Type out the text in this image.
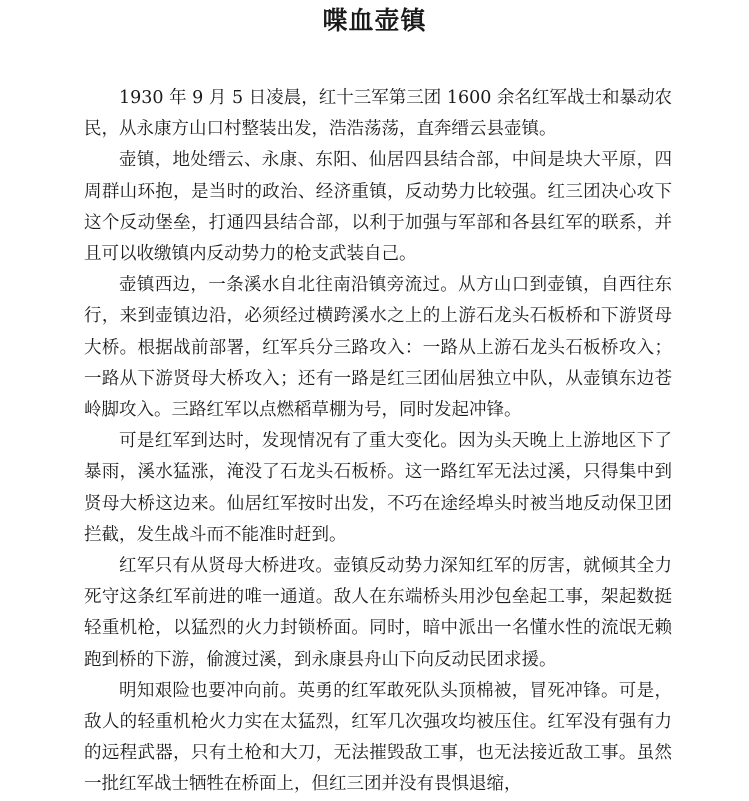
喋血壶镇

1930 年 9 月 5 日凌晨，红十三军第三团 1600 余名红军战士和暴动农民，从永康方山口村整装出发，浩浩荡荡，直奔缙云县壶镇。

壶镇，地处缙云、永康、东阳、仙居四县结合部，中间是块大平原，四周群山环抱，是当时的政治、经济重镇，反动势力比较强。红三团决心攻下这个反动堡垒，打通四县结合部，以利于加强与军部和各县红军的联系，并且可以收缴镇内反动势力的枪支武装自己。

壶镇西边，一条溪水自北往南沿镇旁流过。从方山口到壶镇，自西往东行，来到壶镇边沿，必须经过横跨溪水之上的上游石龙头石板桥和下游贤母大桥。根据战前部署，红军兵分三路攻入：一路从上游石龙头石板桥攻入；一路从下游贤母大桥攻入；还有一路是红三团仙居独立中队，从壶镇东边苍岭脚攻入。三路红军以点燃稻草棚为号，同时发起冲锋。

可是红军到达时，发现情况有了重大变化。因为头天晚上上游地区下了暴雨，溪水猛涨，淹没了石龙头石板桥。这一路红军无法过溪，只得集中到贤母大桥这边来。仙居红军按时出发，不巧在途经埠头时被当地反动保卫团拦截，发生战斗而不能准时赶到。

红军只有从贤母大桥进攻。壶镇反动势力深知红军的厉害，就倾其全力死守这条红军前进的唯一通道。敌人在东端桥头用沙包垒起工事，架起数挺轻重机枪，以猛烈的火力封锁桥面。同时，暗中派出一名懂水性的流氓无赖跑到桥的下游，偷渡过溪，到永康县舟山下向反动民团求援。

明知艰险也要冲向前。英勇的红军敢死队头顶棉被，冒死冲锋。可是，敌人的轻重机枪火力实在太猛烈，红军几次强攻均被压住。红军没有强有力的远程武器，只有土枪和大刀，无法摧毁敌工事，也无法接近敌工事。虽然一批红军战士牺牲在桥面上，但红三团并没有畏惧退缩，
